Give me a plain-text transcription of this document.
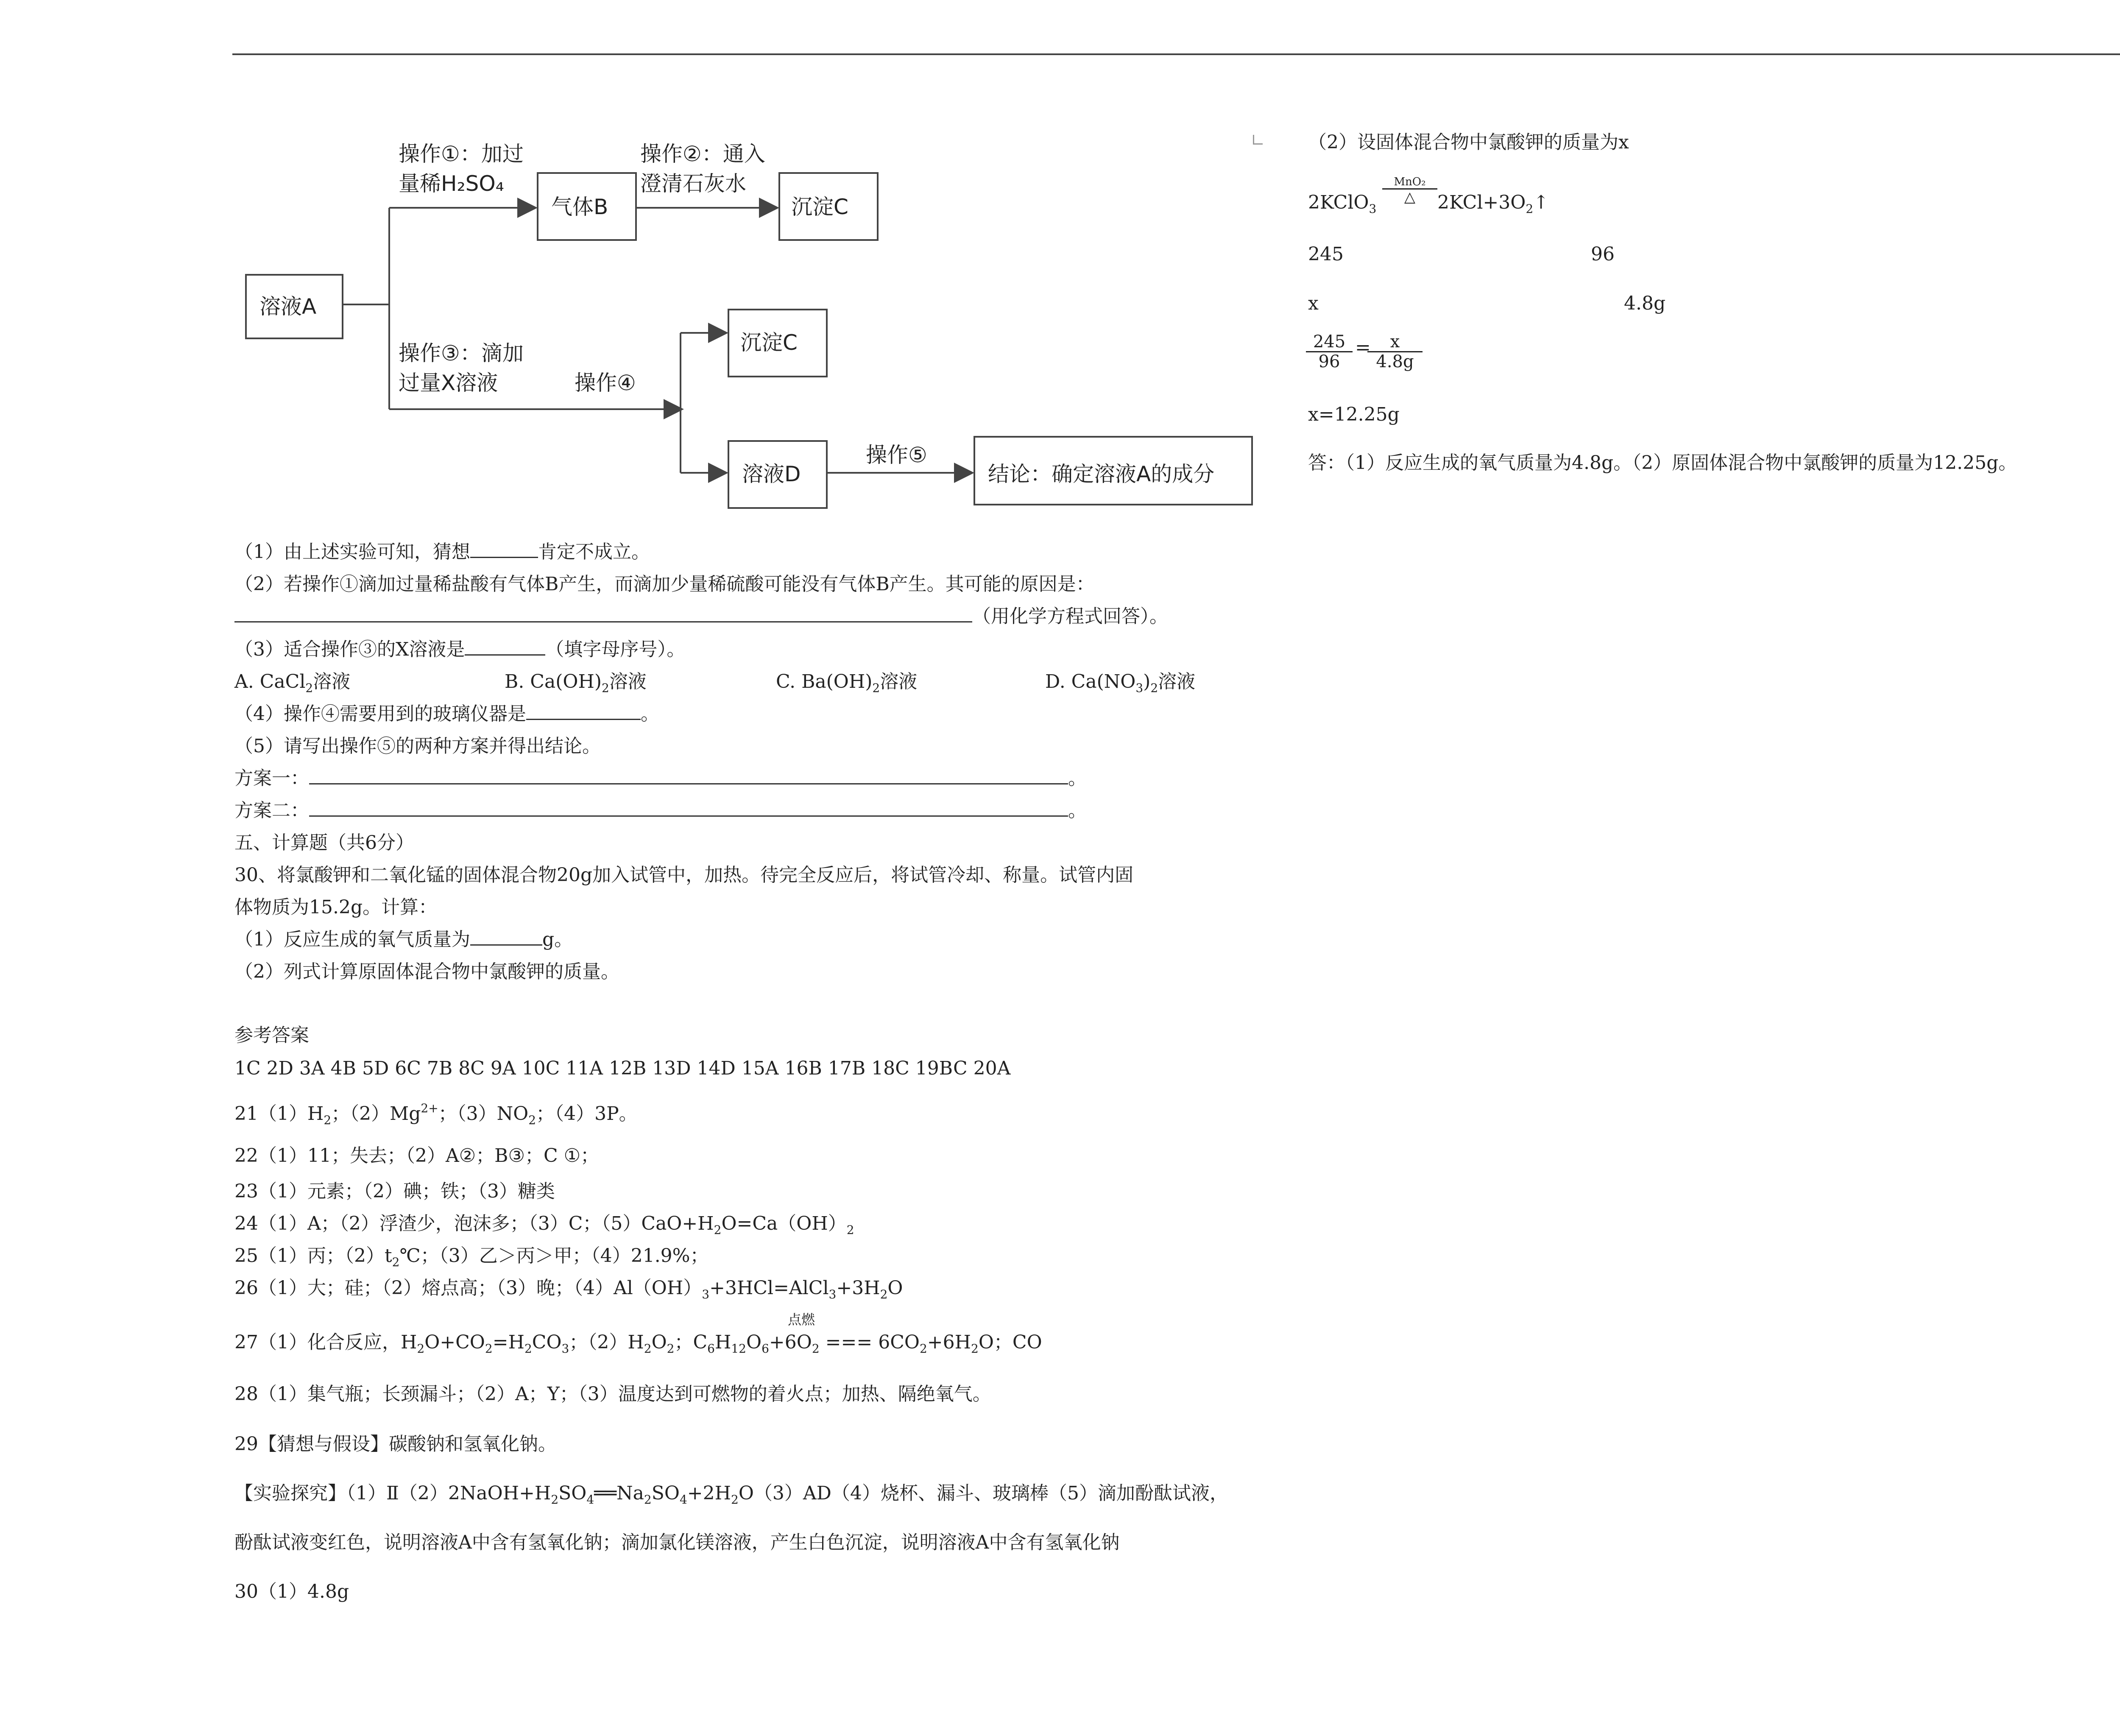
溶液A
气体B	沉淀C
沉淀C
溶液D	结论：确定溶液A的成分
操作①：加过
量稀H₂SO₄
操作②：通入
澄清石灰水
操作③：滴加
过量X溶液	操作④
操作⑤
（1）由上述实验可知，猜想	肯定不成立。
（2）若操作①滴加过量稀盐酸有气体B产生，而滴加少量稀硫酸可能没有气体B产生。其可能的原因是：
（用化学方程式回答）。
（3）适合操作③的X溶液是	（填字母序号）。
A. CaCl$_2$溶液	B. $Ca(OH)_2$溶液	C. $Ba(OH)_2$溶液	D. $Ca(NO_3)_2$溶液
（4）操作④需要用到的玻璃仪器是	。
（5）请写出操作⑤的两种方案并得出结论。
方案一：	。
方案二：	。
五、计算题（共6分）
30、将氯酸钾和二氧化锰的固体混合物20g加入试管中，加热。待完全反应后，将试管冷却、称量。试管内固
体物质为15.2g。计算：
（1）反应生成的氧气质量为	g。
（2）列式计算原固体混合物中氯酸钾的质量。
参考答案
1C 2D 3A 4B 5D 6C 7B 8C 9A 10C 11A 12B 13D 14D 15A 16B 17B 18C 19BC 20A
$21(1)H_2$；$(2)Mg^{2+}$；$(3)NO_2$；（4）3P。
22（1）11；失去；（2）A②；B③；C ①；
23（1）元素；（2）碘；铁；（3）糖类
24（1）A；（2）浮渣少，泡沫多；（3）C；$(5)CaO+H_2O=Ca(OH)_2$
25（1）丙；$(2)t_2℃$；（3）乙＞丙＞甲；（4）21.9%；
26（1）大；硅；（2）熔点高；（3）晚；$(4)Al(OH)_3+3HCl=AlCl_3+3H_2O$
点燃
27（1）化合反应，$H_2O+CO_2=H_2CO_3$；$(2)H_2O_2$；$C_6H_{12}O_6+6O_2$ === $6CO_2+6H_2O$；CO
28（1）集气瓶；长颈漏斗；（2）A；Y；（3）温度达到可燃物的着火点；加热、隔绝氧气。
29【猜想与假设】碳酸钠和氢氧化钠。
【实验探究】$(1)Ⅱ(2)2NaOH+H_2SO_4══Na_2SO_4+2H_2O(3)AD(4)$烧杯、漏斗、玻璃棒（5）滴加酚酞试液，
酚酞试液变红色，说明溶液A中含有氢氧化钠；滴加氯化镁溶液，产生白色沉淀，说明溶液A中含有氢氧化钠
30（1）4.8g
（2）设固体混合物中氯酸钾的质量为x
2KClO$_3$
MnO₂
△	$2KCl+3O_2↑$
245	96
x	4.8g
245
96
=	x
4.8g
x=12.25g
答：（1）反应生成的氧气质量为4.8g。（2）原固体混合物中氯酸钾的质量为12.25g。
